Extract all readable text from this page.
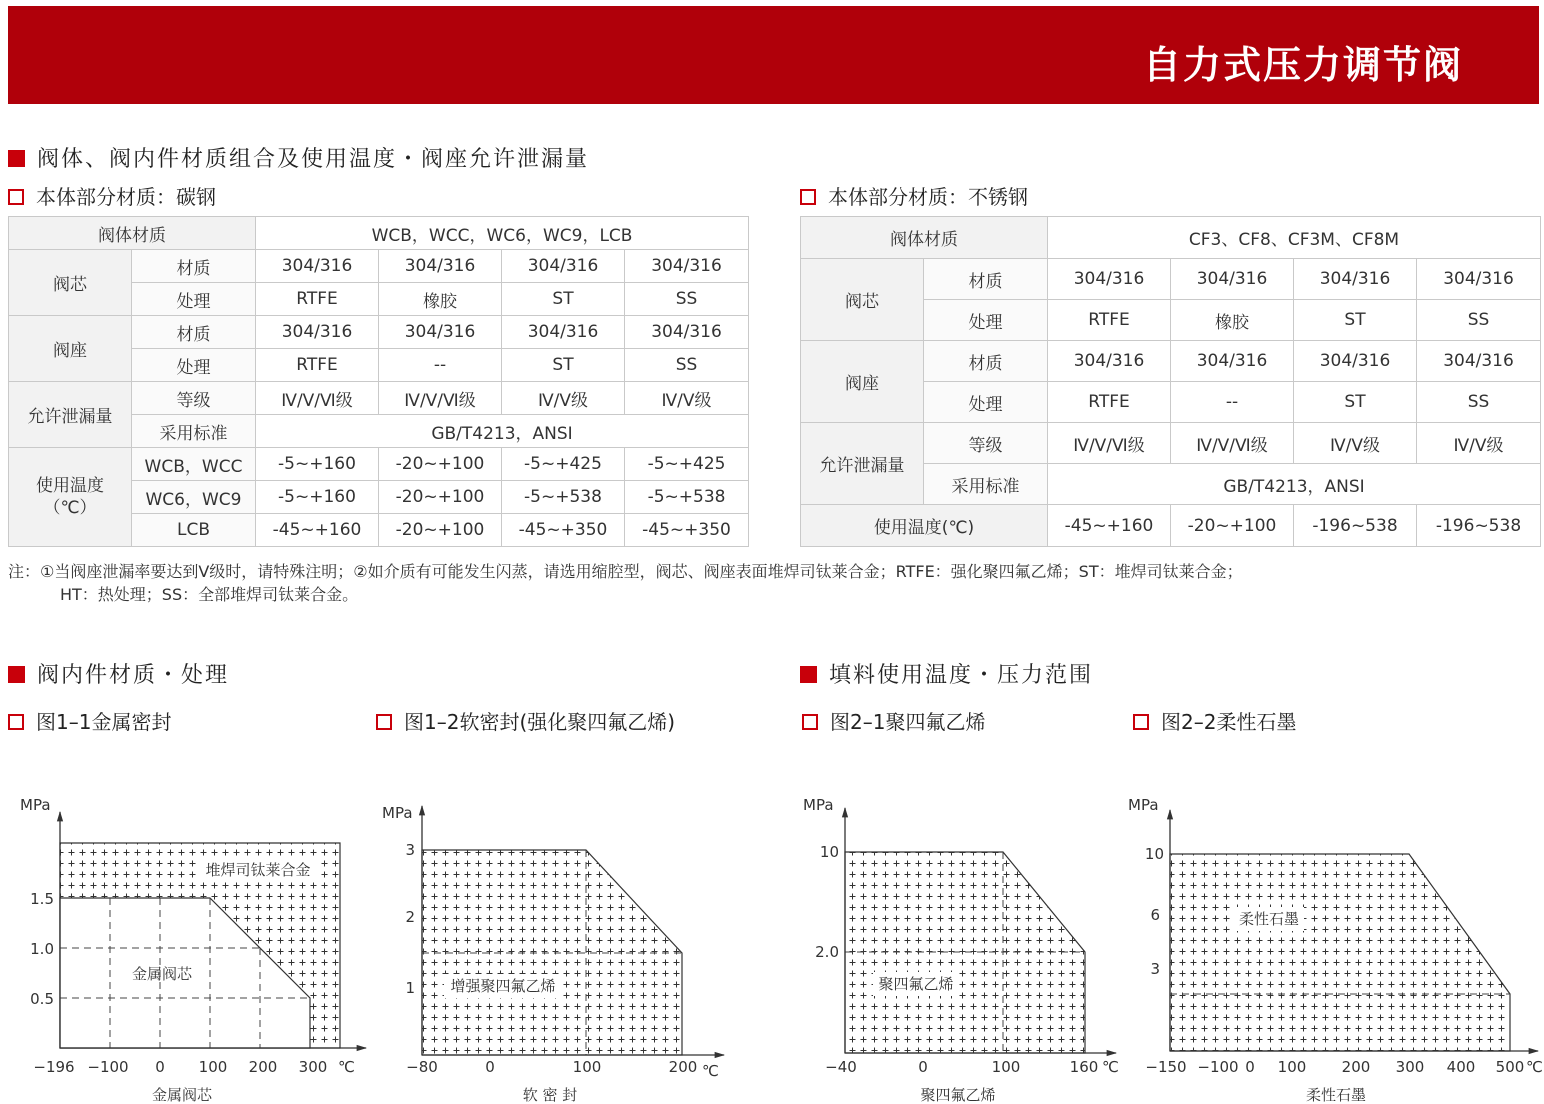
自力式压力调节阀
阀体、阀内件材质组合及使用温度・阀座允许泄漏量
本体部分材质：碳钢	本体部分材质：不锈钢
阀体材质		WCB，WCC，WC6，WC9，LCB			
阀芯	材质	304/316	304/316	304/316	304/316
	处理	RTFE	橡胶	ST	SS
阀座	材质	304/316	304/316	304/316	304/316
	处理	RTFE	--	ST	SS
允许泄漏量	等级	Ⅳ/Ⅴ/Ⅵ级	Ⅳ/Ⅴ/Ⅵ级	Ⅳ/Ⅴ级	Ⅳ/Ⅴ级
	采用标准	GB/T4213，ANSI			
使用温度（℃）	WCB，WCC	-5~+160	-20~+100	-5~+425	-5~+425
	WC6，WC9	-5~+160	-20~+100	-5~+538	-5~+538
	LCB	-45~+160	-20~+100	-45~+350	-45~+350
阀体材质		CF3、CF8、CF3M、CF8M			
阀芯	材质	304/316	304/316	304/316	304/316
	处理	RTFE	橡胶	ST	SS
阀座	材质	304/316	304/316	304/316	304/316
	处理	RTFE	--	ST	SS
允许泄漏量	等级	Ⅳ/Ⅴ/Ⅵ级	Ⅳ/Ⅴ/Ⅵ级	Ⅳ/Ⅴ级	Ⅳ/Ⅴ级
	采用标准	GB/T4213，ANSI			
使用温度(℃)		-45~+160	-20~+100	-196~538	-196~538
注：①当阀座泄漏率要达到Ⅴ级时，请特殊注明；②如介质有可能发生闪蒸，请选用缩腔型，阀芯、阀座表面堆焊司钛莱合金；RTFE：强化聚四氟乙烯；ST：堆焊司钛莱合金；
HT：热处理；SS：全部堆焊司钛莱合金。
阀内件材质・处理	填料使用温度・压力范围
图1–1金属密封	图1–2软密封(强化聚四氟乙烯)	图2–1聚四氟乙烯	图2–2柔性石墨
堆焊司钛莱合金
金属阀芯
MPa
1.5
1.0
0.5
−196 −100 0 100 200 300 ℃
金属阀芯
增强聚四氟乙烯
MPa
3
2
1
−80	0	100	200 ℃
软 密 封
聚四氟乙烯
MPa
10
2.0
−40	0	100	160 ℃
聚四氟乙烯
柔性石墨
MPa
10
6
3
−150 −100 0 100 200 300 400 500 ℃
柔性石墨
